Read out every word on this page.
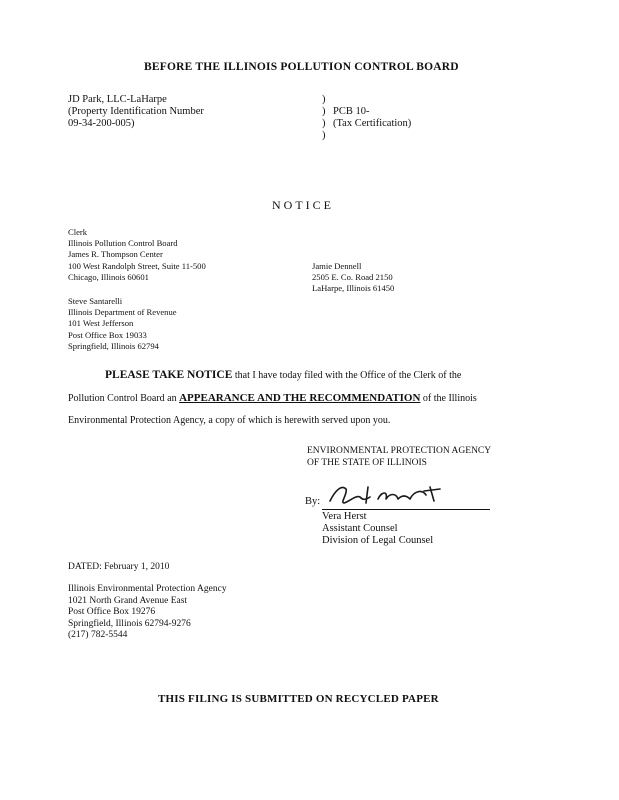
BEFORE THE ILLINOIS POLLUTION CONTROL BOARD
JD Park, LLC-LaHarpe
(Property Identification Number
09-34-200-005)
)
)
)
)
PCB 10-
(Tax Certification)
NOTICE
Clerk
Illinois Pollution Control Board
James R. Thompson Center
100 West Randolph Street, Suite 11-500
Chicago, Illinois 60601
Jamie Dennell
2505 E. Co. Road 2150
LaHarpe, Illinois 61450
Steve Santarelli
Illinois Department of Revenue
101 West Jefferson
Post Office Box 19033
Springfield, Illinois 62794
PLEASE TAKE NOTICE that I have today filed with the Office of the Clerk of the
Pollution Control Board an APPEARANCE AND THE RECOMMENDATION of the Illinois
Environmental Protection Agency, a copy of which is herewith served upon you.
ENVIRONMENTAL PROTECTION AGENCY
OF THE STATE OF ILLINOIS
By:
Vera Herst
Assistant Counsel
Division of Legal Counsel
DATED: February 1, 2010
Illinois Environmental Protection Agency
1021 North Grand Avenue East
Post Office Box 19276
Springfield, Illinois 62794-9276
(217) 782-5544
THIS FILING IS SUBMITTED ON RECYCLED PAPER
